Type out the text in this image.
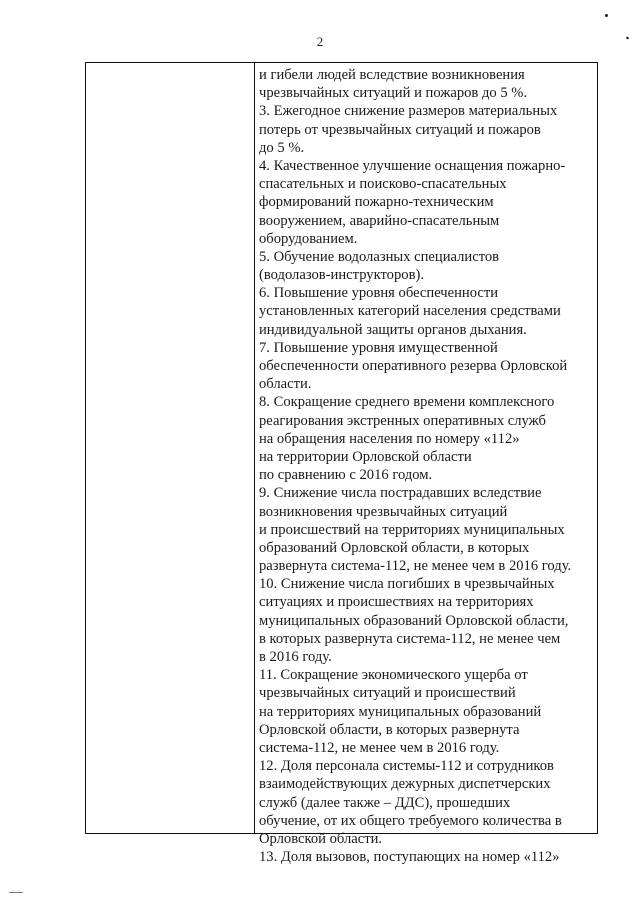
2
и гибели людей вследствие возникновения
чрезвычайных ситуаций и пожаров до 5 %.
3. Ежегодное снижение размеров материальных
потерь от чрезвычайных ситуаций и пожаров
до 5 %.
4. Качественное улучшение оснащения пожарно-
спасательных и поисково-спасательных
формирований пожарно-техническим
вооружением, аварийно-спасательным
оборудованием.
5. Обучение водолазных специалистов
(водолазов-инструкторов).
6. Повышение уровня обеспеченности
установленных категорий населения средствами
индивидуальной защиты органов дыхания.
7. Повышение уровня имущественной
обеспеченности оперативного резерва Орловской
области.
8. Сокращение среднего времени комплексного
реагирования экстренных оперативных служб
на обращения населения по номеру «112»
на территории Орловской области
по сравнению с 2016 годом.
9. Снижение числа пострадавших вследствие
возникновения чрезвычайных ситуаций
и происшествий на территориях муниципальных
образований Орловской области, в которых
развернута система-112, не менее чем в 2016 году.
10. Снижение числа погибших в чрезвычайных
ситуациях и происшествиях на территориях
муниципальных образований Орловской области,
в которых развернута система-112, не менее чем
в 2016 году.
11. Сокращение экономического ущерба от
чрезвычайных ситуаций и происшествий
на территориях муниципальных образований
Орловской области, в которых развернута
система-112, не менее чем в 2016 году.
12. Доля персонала системы-112 и сотрудников
взаимодействующих дежурных диспетчерских
служб (далее также – ДДС), прошедших
обучение, от их общего требуемого количества в
Орловской области.
13. Доля вызовов, поступающих на номер «112»
